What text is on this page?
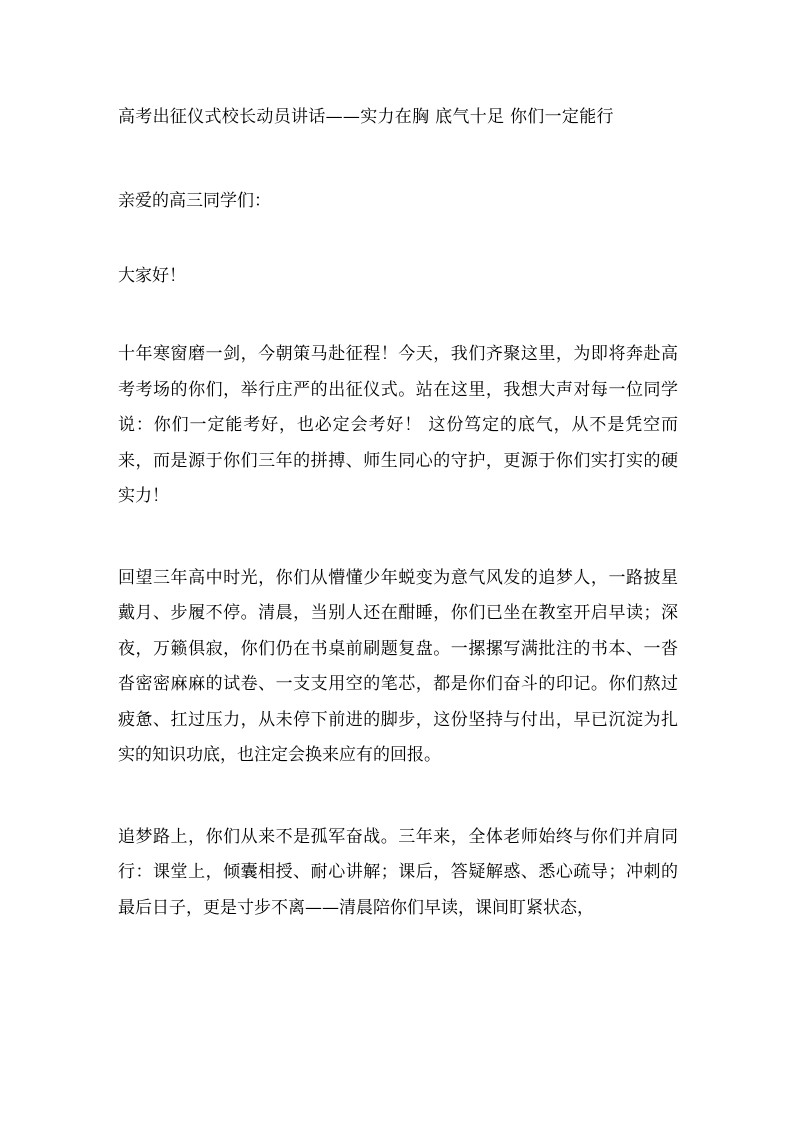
高考出征仪式校长动员讲话——实力在胸 底气十足 你们一定能行

亲爱的高三同学们：

大家好！

十年寒窗磨一剑，今朝策马赴征程！今天，我们齐聚这里，为即将奔赴高考考场的你们，举行庄严的出征仪式。站在这里，我想大声对每一位同学说：你们一定能考好，也必定会考好！ 这份笃定的底气，从不是凭空而来，而是源于你们三年的拼搏、师生同心的守护，更源于你们实打实的硬实力！

回望三年高中时光，你们从懵懂少年蜕变为意气风发的追梦人，一路披星戴月、步履不停。清晨，当别人还在酣睡，你们已坐在教室开启早读；深夜，万籁俱寂，你们仍在书桌前刷题复盘。一摞摞写满批注的书本、一沓沓密密麻麻的试卷、一支支用空的笔芯，都是你们奋斗的印记。你们熬过疲惫、扛过压力，从未停下前进的脚步，这份坚持与付出，早已沉淀为扎实的知识功底，也注定会换来应有的回报。

追梦路上，你们从来不是孤军奋战。三年来，全体老师始终与你们并肩同行：课堂上，倾囊相授、耐心讲解；课后，答疑解惑、悉心疏导；冲刺的最后日子，更是寸步不离——清晨陪你们早读，课间盯紧状态，
